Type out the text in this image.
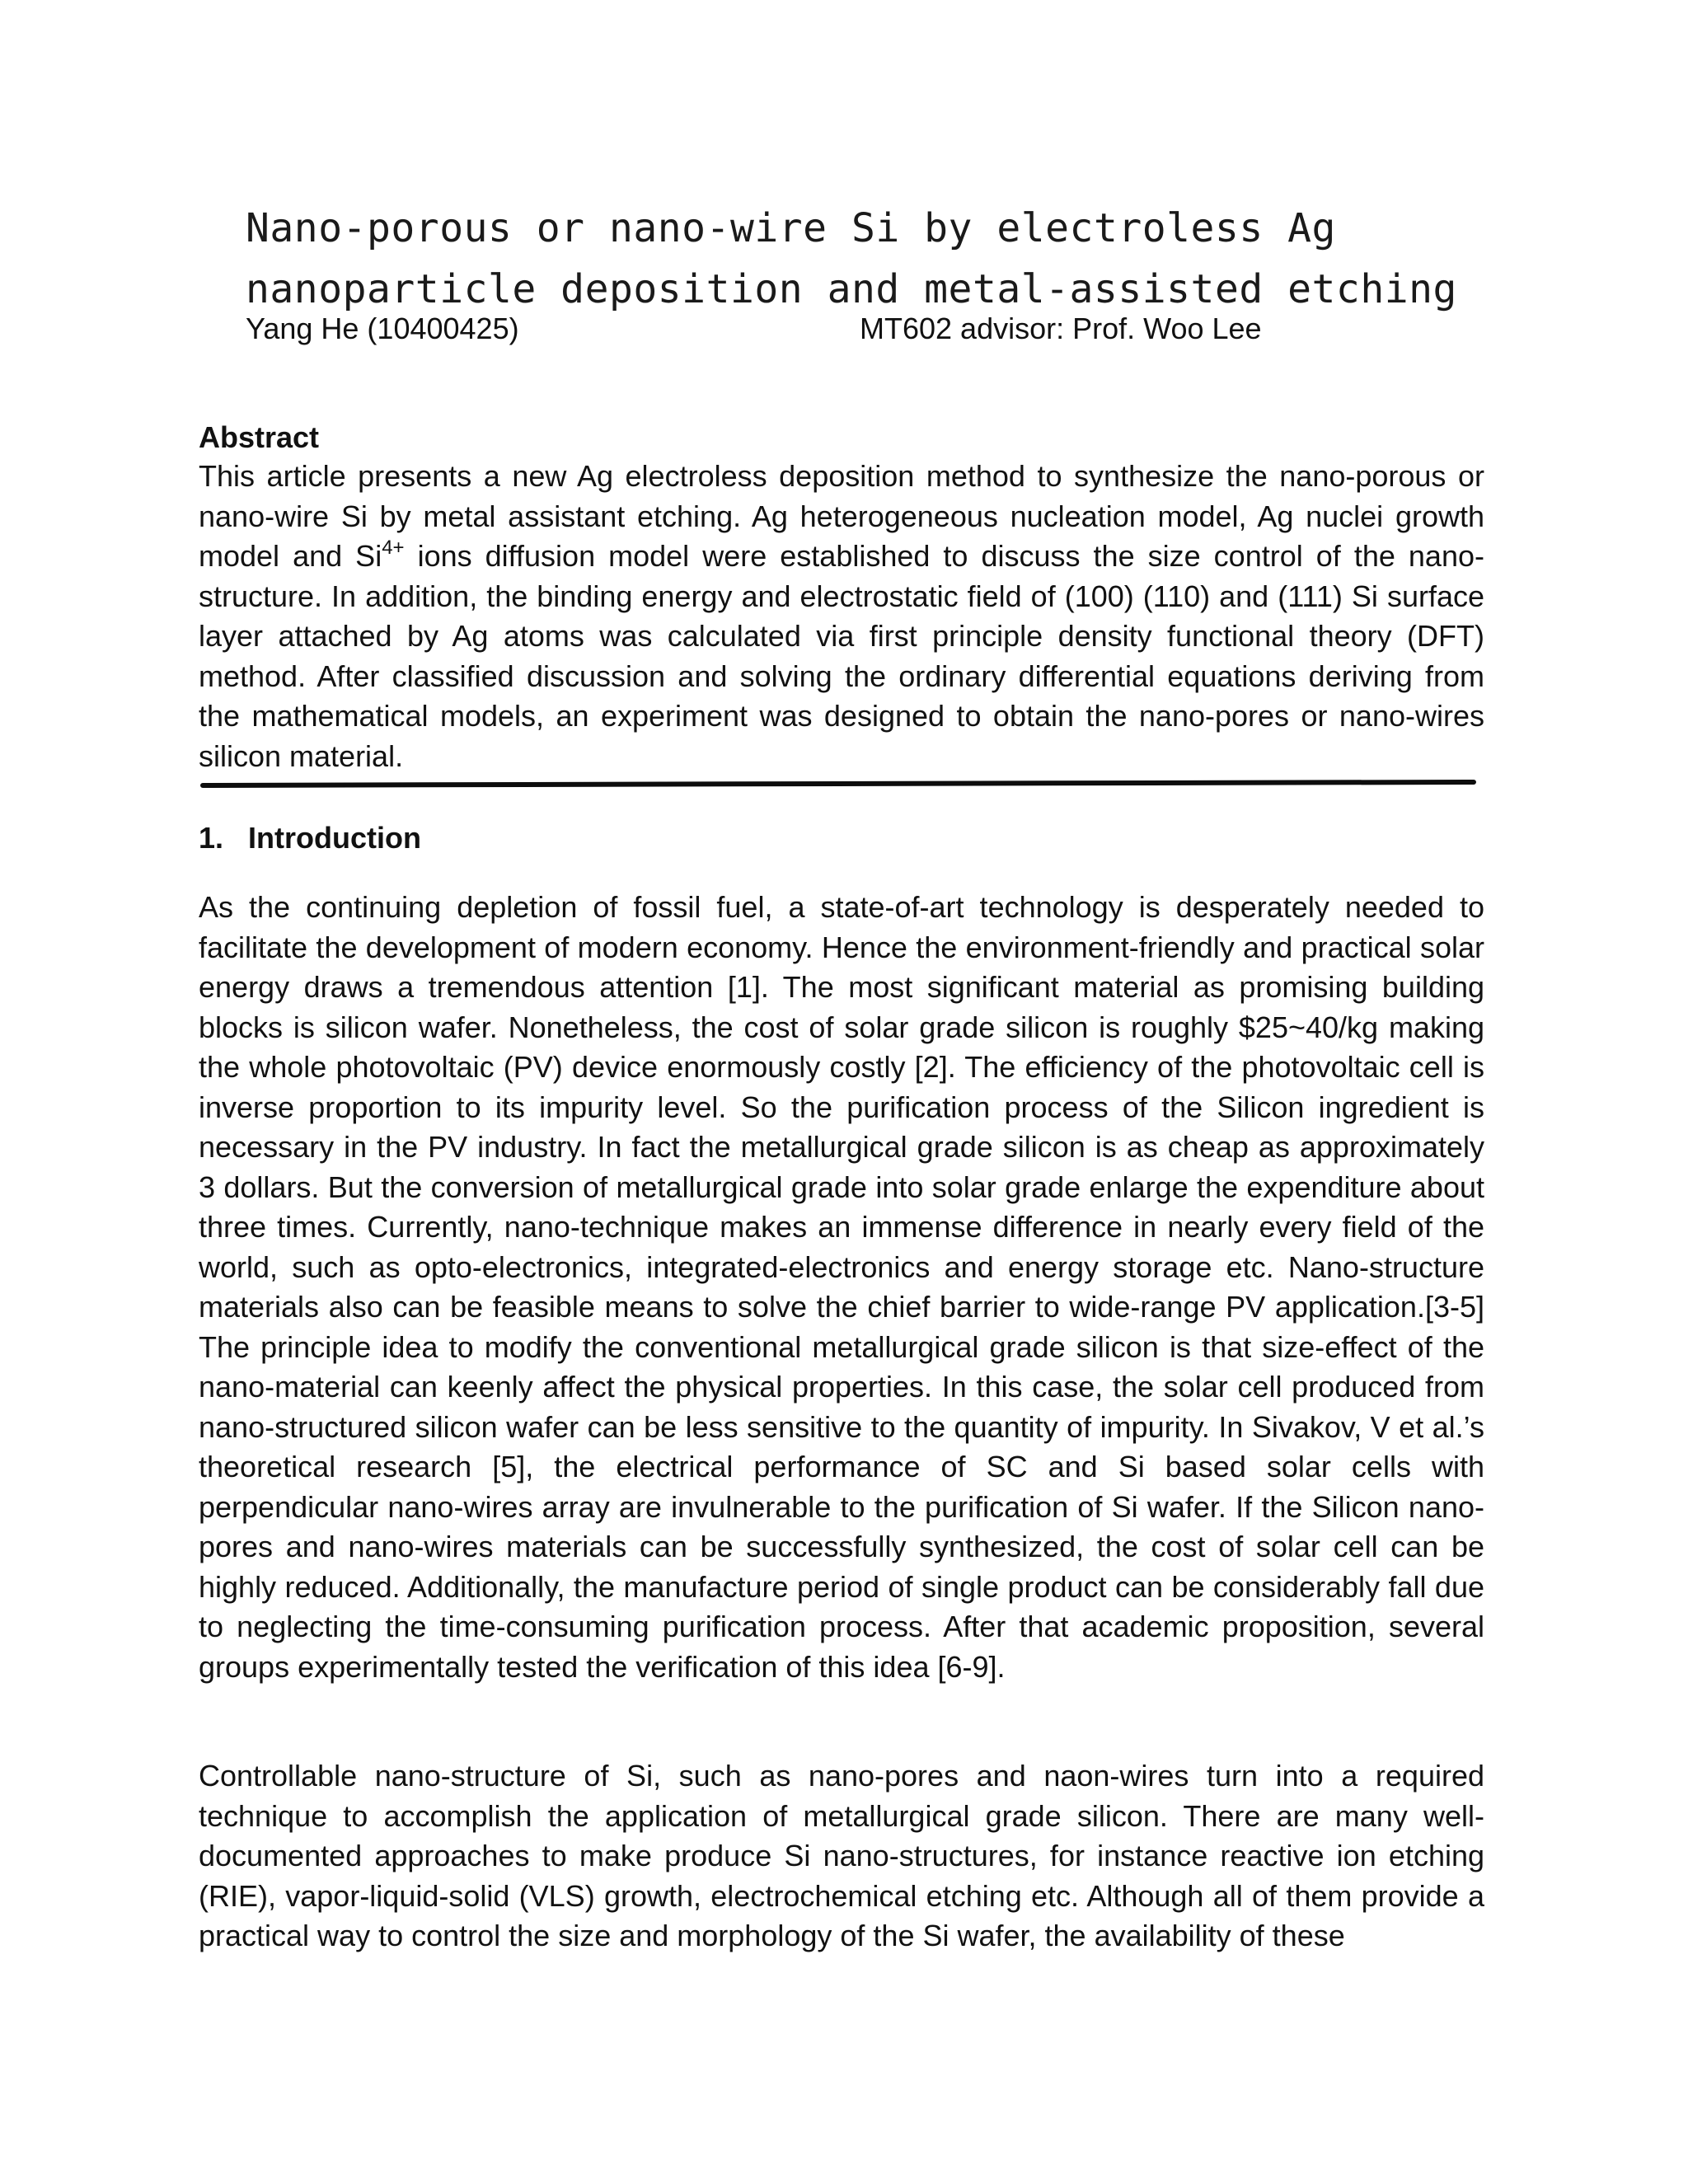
Nano-porous or nano-wire Si by electroless Ag
nanoparticle deposition and metal-assisted etching
Yang He (10400425)	MT602 advisor: Prof. Woo Lee
Abstract
This article presents a new Ag electroless deposition method to synthesize the nano-porous or nano-wire Si by metal assistant etching. Ag heterogeneous nucleation model, Ag nuclei growth model and $Si^{4+}$ ions diffusion model were established to discuss the size control of the nano-structure. In addition, the binding energy and electrostatic field of (100) (110) and (111) Si surface layer attached by Ag atoms was calculated via first principle density functional theory (DFT) method. After classified discussion and solving the ordinary differential equations deriving from the mathematical models, an experiment was designed to obtain the nano-pores or nano-wires silicon material.
1. Introduction
As the continuing depletion of fossil fuel, a state-of-art technology is desperately needed to facilitate the development of modern economy. Hence the environment-friendly and practical solar energy draws a tremendous attention [1]. The most significant material as promising building blocks is silicon wafer. Nonetheless, the cost of solar grade silicon is roughly $25~40/kg making the whole photovoltaic (PV) device enormously costly [2]. The efficiency of the photovoltaic cell is inverse proportion to its impurity level. So the purification process of the Silicon ingredient is necessary in the PV industry. In fact the metallurgical grade silicon is as cheap as approximately 3 dollars. But the conversion of metallurgical grade into solar grade enlarge the expenditure about three times. Currently, nano-technique makes an immense difference in nearly every field of the world, such as opto-electronics, integrated-electronics and energy storage etc. Nano-structure materials also can be feasible means to solve the chief barrier to wide-range PV application.[3-5] The principle idea to modify the conventional metallurgical grade silicon is that size-effect of the nano-material can keenly affect the physical properties. In this case, the solar cell produced from nano-structured silicon wafer can be less sensitive to the quantity of impurity. In Sivakov, V et al.’s theoretical research [5], the electrical performance of SC and Si based solar cells with perpendicular nano-wires array are invulnerable to the purification of Si wafer. If the Silicon nano-pores and nano-wires materials can be successfully synthesized, the cost of solar cell can be highly reduced. Additionally, the manufacture period of single product can be considerably fall due to neglecting the time-consuming purification process. After that academic proposition, several groups experimentally tested the verification of this idea [6-9].
Controllable nano-structure of Si, such as nano-pores and naon-wires turn into a required technique to accomplish the application of metallurgical grade silicon. There are many well-documented approaches to make produce Si nano-structures, for instance reactive ion etching (RIE), vapor-liquid-solid (VLS) growth, electrochemical etching etc. Although all of them provide a practical way to control the size and morphology of the Si wafer, the availability of these
